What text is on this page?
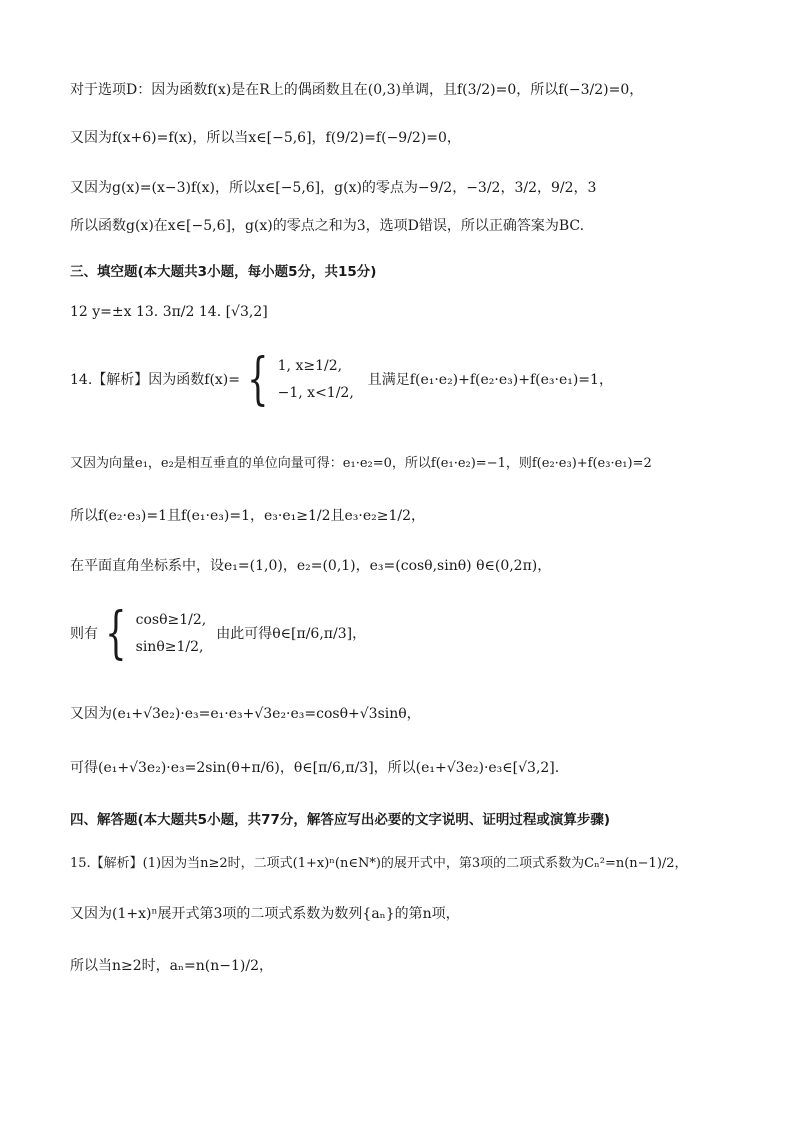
对于选项D：因为函数f(x)是在R上的偶函数且在(0,3)单调，且f(3/2)=0，所以f(−3/2)=0，
又因为f(x+6)=f(x)，所以当x∈[−5,6]，f(9/2)=f(−9/2)=0，
又因为g(x)=(x−3)f(x)，所以x∈[−5,6]，g(x)的零点为−9/2，−3/2，3/2，9/2，3
所以函数g(x)在x∈[−5,6]，g(x)的零点之和为3，选项D错误，所以正确答案为BC.
三、填空题(本大题共3小题，每小题5分，共15分)
12 y=±x 13. 3π/2 14. [√3,2]
14.【解析】因为函数f(x)= { 1, x≥1/2,
−1, x<1/2,
且满足f(e₁·e₂)+f(e₂·e₃)+f(e₃·e₁)=1，
又因为向量e₁，e₂是相互垂直的单位向量可得：e₁·e₂=0，所以f(e₁·e₂)=−1，则f(e₂·e₃)+f(e₃·e₁)=2
所以f(e₂·e₃)=1且f(e₁·e₃)=1，e₃·e₁≥1/2且e₃·e₂≥1/2，
在平面直角坐标系中，设e₁=(1,0)，e₂=(0,1)，e₃=(cosθ,sinθ) θ∈(0,2π)，
则有 { cosθ≥1/2,
sinθ≥1/2,
由此可得θ∈[π/6,π/3]，
又因为(e₁+√3e₂)·e₃=e₁·e₃+√3e₂·e₃=cosθ+√3sinθ，
可得(e₁+√3e₂)·e₃=2sin(θ+π/6)，θ∈[π/6,π/3]，所以(e₁+√3e₂)·e₃∈[√3,2].
四、解答题(本大题共5小题，共77分，解答应写出必要的文字说明、证明过程或演算步骤)
15.【解析】(1)因为当n≥2时，二项式(1+x)ⁿ(n∈N*)的展开式中，第3项的二项式系数为Cₙ²=n(n−1)/2，
又因为(1+x)ⁿ展开式第3项的二项式系数为数列{aₙ}的第n项，
所以当n≥2时，aₙ=n(n−1)/2，
